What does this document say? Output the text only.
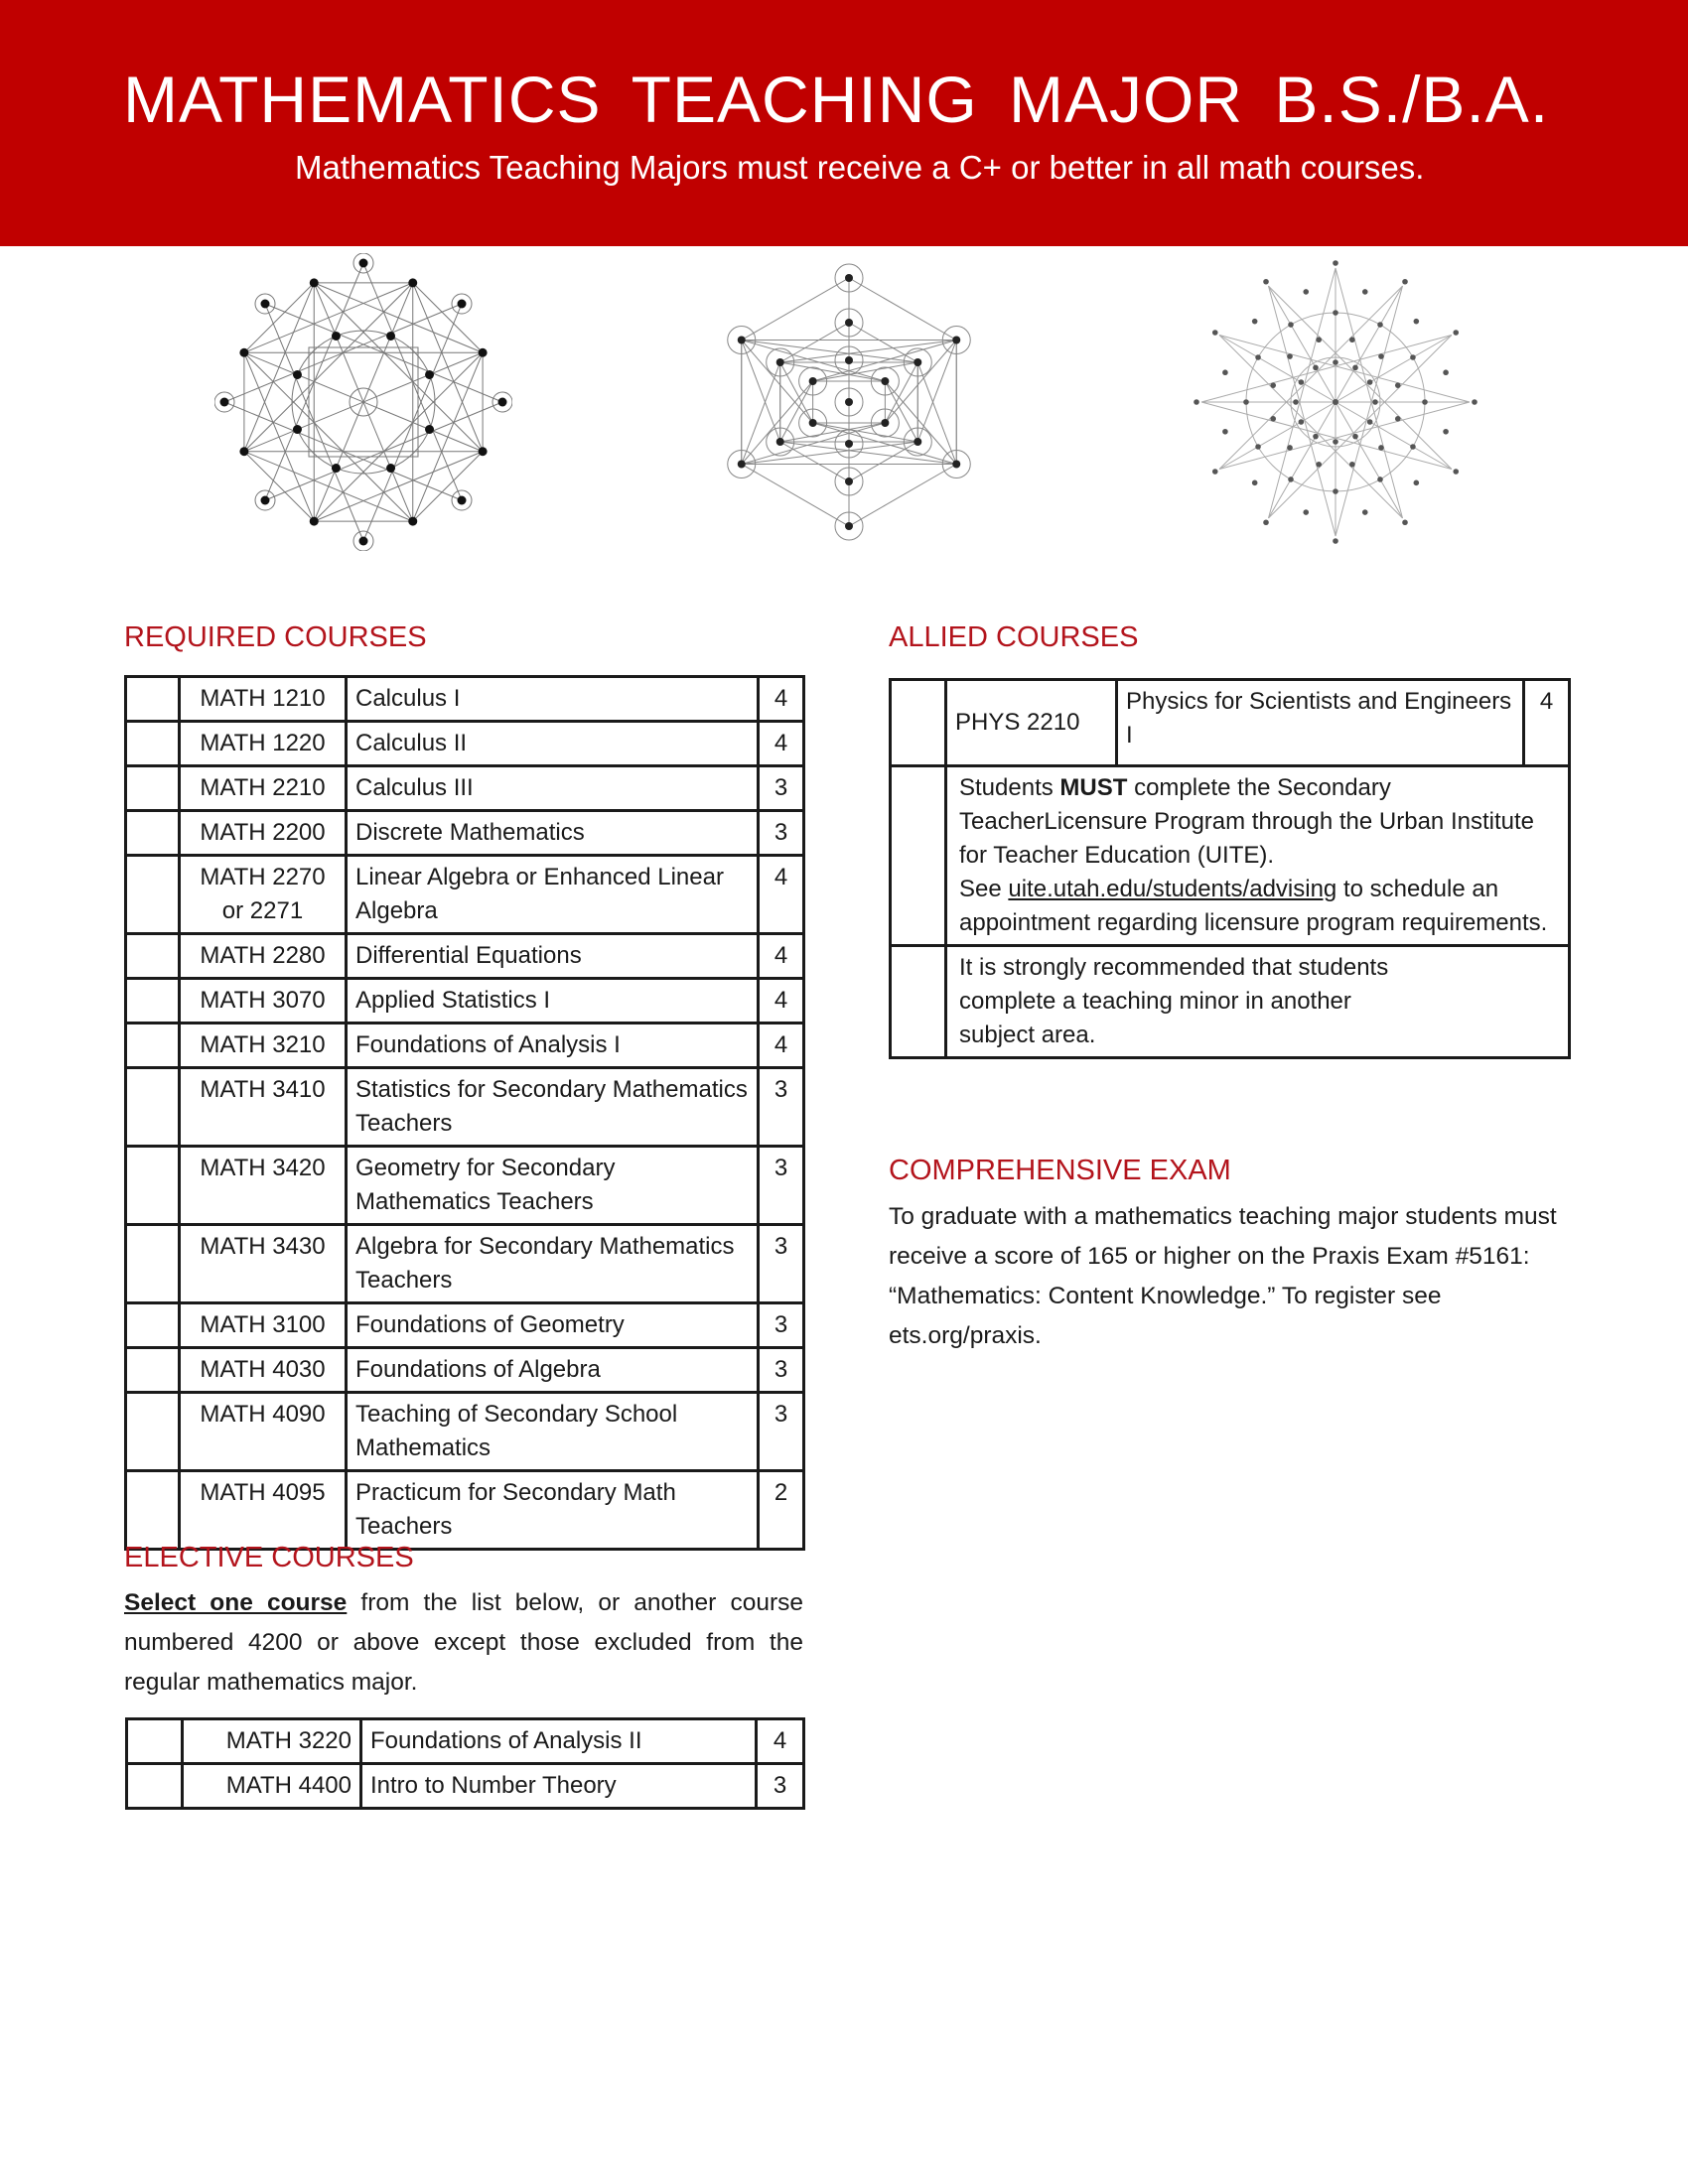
MATHEMATICS TEACHING MAJOR B.S./B.A.

Mathematics Teaching Majors must receive a C+ or better in all math courses.

REQUIRED COURSES
	MATH 1210	Calculus I	4
	MATH 1220	Calculus II	4
	MATH 2210	Calculus III	3
	MATH 2200	Discrete Mathematics	3
	MATH 2270 or 2271	Linear Algebra or Enhanced Linear Algebra	4
	MATH 2280	Differential Equations	4
	MATH 3070	Applied Statistics I	4
	MATH 3210	Foundations of Analysis I	4
	MATH 3410	Statistics for Secondary Mathematics Teachers	3
	MATH 3420	Geometry for Secondary Mathematics Teachers	3
	MATH 3430	Algebra for Secondary Mathematics Teachers	3
	MATH 3100	Foundations of Geometry	3
	MATH 4030	Foundations of Algebra	3
	MATH 4090	Teaching of Secondary School Mathematics	3
	MATH 4095	Practicum for Secondary Math Teachers	2
ELECTIVE COURSES
Select one course from the list below, or another course numbered 4200 or above except those excluded from the regular mathematics major.
	MATH 3220	Foundations of Analysis II	4
	MATH 4400	Intro to Number Theory	3
ALLIED COURSES
	PHYS 2210	Physics for Scientists and Engineers I	4
	Students MUST complete the Secondary TeacherLicensure Program through the Urban Institute for Teacher Education (UITE).
See uite.utah.edu/students/advising to schedule an appointment regarding licensure program requirements.		
	It is strongly recommended that students complete a teaching minor in another subject area.		
COMPREHENSIVE EXAM
To graduate with a mathematics teaching major students must receive a score of 165 or higher on the Praxis Exam #5161: “Mathematics: Content Knowledge.” To register see ets.org/praxis.
